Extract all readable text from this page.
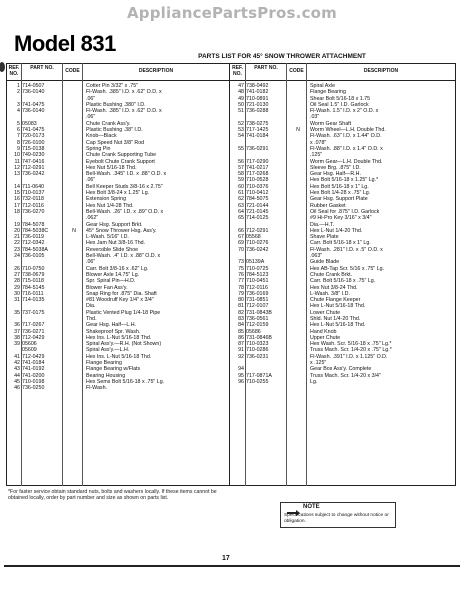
AppliancePartsPros.com
Model 831
PARTS LIST FOR 45° SNOW THROWER ATTACHMENT
REF. NO.
PART NO.	CODE	DESCRIPTION	REF. NO.
PART NO.	CODE	DESCRIPTION
1 714-0507	Cotter Pin 3/32" x .75"
2 736-0140	Fl-Wash. .385" I.D. x .62" O.D. x
.06"
3 741-0475	Plastic Bushing .380" I.D.
4 736-0140	Fl-Wash. .385" I.D. x .62" O.D. x
.06"
5 05083	Chute Crank Ass'y.
6 741-0475	Plastic Bushing .38" I.D.
7 720-0173	Knob—Black
8 726-0100	Cap Speed Nut 3/8" Rod
9 715-0138	Spring Pin
10 749-0230	Chute Crank Supporting Tube
11 747-0416	Eyebolt Chute Crank Support
12 712-0291	Hex Nut 5/16-18 Thd.
13 736-0242	Bell-Wash. .345" I.D. x .88" O.D. x
.06"
14 711-0640	Bell Keeper Studs 3/8-16 x 2.75"
15 710-0137	Hex Bolt 3/8-24 x 1.25" Lg.
16 732-0118	Extension Spring
17 712-0116	Hex Nut 1/4-28 Thd.
18 736-0270	Bell-Wash. .26" I.D. x .89" O.D. x
.062"
19 784-5078	Gear Hsg. Support Brkt.
20 784-5038C	N	45° Snow Thrower Hsg. Ass'y.
21 736-0119	L-Wash. 5/16" I.D.
22 712-0342	Hex Jam Nut 3/8-16 Thd.
23 784-5038A	Reversible Slide Shoe
24 736-0105	Bell-Wash. .4" I.D. x .88" O.D. x
.06"
26 710-0750	Carr. Bolt 3/8-16 x .62" Lg.
27 738-0679	Blower Axle 14.75" Lg.
28 715-0118	Spr. Spiral Pin—H.D.
29 784-5145	Blower Fan Ass'y.
30 716-0111	Snap Ring for .875" Dia. Shaft
31 714-0135	#81 Woodruff Key 1/4" x 3/4"
Dia.
35 737-0175	Plastic Vented Plug 1/4-18 Pipe
Thd.
36 717-0267	Gear Hsg. Half—L.H.
37 736-0271	Shakeproof Spr. Wash.
38 712-0429	Hex Ins. L-Nut 5/16-18 Thd.
39 05606	Spiral Ass'y.—R.H. (Not Shown)
05609	Spiral Ass'y.—L.H.
41 712-0429	Hex Ins. L-Nut 5/16-18 Thd.
42 741-0184	Flange Bearing
43 741-0192	Flange Bearing w/Flats
44 741-0200	Bearing Housing
45 710-0198	Hex Sems Bolt 5/16-18 x .75" Lg.
46 736-0250	Fl-Wash.
47 738-0492	Spiral Axle
48 741-0182	Flange Bearing
49 710-0891	Shear Bolt 5/16-18 x 1.75
50 721-0130	Oil Seal 1.5" I.D. Garlock
51 736-0288	Fl-Wash. 1.5" I.D. x 2" O.D. x
.03"
52 738-0275	Worm Gear Shaft
53 717-1425	N	Worm Wheel—L.H. Double Thd.
54 741-0184	Fl-Wash. .63" I.D. x 1.44" O.D.
x .078"
55 736-0291	Fl-Wash. .88" I.D. x 1.4" O.D. x
.125"
56 717-0290	Worm Gear—L.H. Double Thd.
57 741-0217	Sleeve Brg. .875" I.D.
58 717-0268	Gear Hsg. Half—R.H.
59 710-0528	Hex Bolt 5/16-18 x 1.25" Lg.*
60 710-0376	Hex Bolt 5/16-18 x 1" Lg.
61 710-0412	Hex Bolt 1/4-28 x .75" Lg.
62 784-5075	Gear Hsg. Support Plate
63 721-0144	Rubber Gasket
64 721-0145	Oil Seal for .875" I.D. Garlock
65 714-0125	#9 Hi-Pro Key 3/16" x 3/4"
Dia.—H.T.
66 712-0291	Hex L-Nut 1/4-20 Thd.
67 05568	Shave Plate
69 710-0276	Carr. Bolt 5/16-18 x 1" Lg.
70 736-0242	Fl-Wash. .281" I.D. x .5" O.D. x
.063"
73 05139A	Guide Blade
75 710-0725	Hex AB-Tap Scr. 5/16 x .75" Lg.
76 784-5123	Chute Crank Brkt.
77 710-0451	Carr. Bolt 5/16-18 x .75" Lg.
78 712-0116	Hex Nut 3/8-24 Thd.
79 736-0169	L-Wash. 3/8" I.D.
80 731-0851	Chute Flange Keeper
81 712-0107	Hex L-Nut 5/16-18 Thd.
82 731-0843B	Lower Chute
83 736-0561	Shld. Nut 1/4-20 Thd.
84 712-0159	Hex L-Nut 5/16-18 Thd.
85 05686	Hand Knob
86 731-0846B	Upper Chute
87 710-0323	Hex Wash. Scr. 5/16-18 x .75" Lg.*
91 710-0286	Truss Mach. Scr. 1/4-20 x .75" Lg.*
92 736-0231	Fl-Wash. .391" I.D. x 1.125" O.D.
x .125"
94	Gear Box Ass'y. Complete
95 717-0871A	Truss Mach. Scr. 1/4-20 x 3/4"
96 710-0255	Lg.
*For faster service obtain standard nuts, bolts and washers locally. If these items cannot be obtained locally, order by part number and size as shown on parts list.
NOTE
Specifications subject to change without notice or obligation.
17
